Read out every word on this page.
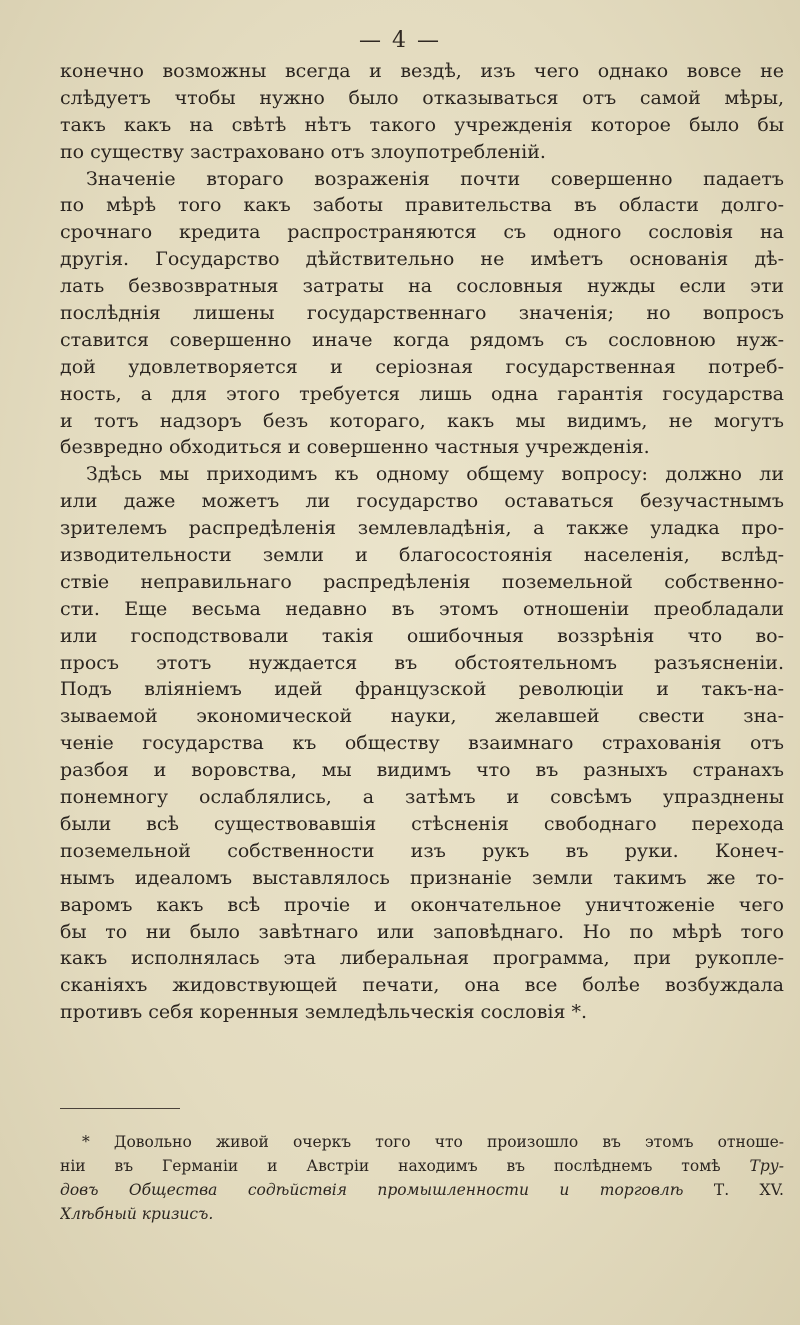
— 4 —
конечно возможны всегда и вездѣ, изъ чего однако вовсе не
слѣдуетъ чтобы нужно было отказываться отъ самой мѣры,
такъ какъ на свѣтѣ нѣтъ такого учрежденія которое было бы
по существу застраховано отъ злоупотребленій.
Значеніе втораго возраженія почти совершенно падаетъ
по мѣрѣ того какъ заботы правительства въ области долго-
срочнаго кредита распространяются съ одного сословія на
другія. Государство дѣйствительно не имѣетъ основанія дѣ-
лать безвозвратныя затраты на сословныя нужды если эти
послѣднія лишены государственнаго значенія; но вопросъ
ставится совершенно иначе когда рядомъ съ сословною нуж-
дой удовлетворяется и серіозная государственная потреб-
ность, а для этого требуется лишь одна гарантія государства
и тотъ надзоръ безъ котораго, какъ мы видимъ, не могутъ
безвредно обходиться и совершенно частныя учрежденія.
Здѣсь мы приходимъ къ одному общему вопросу: должно ли
или даже можетъ ли государство оставаться безучастнымъ
зрителемъ распредѣленія землевладѣнія, а также уладка про-
изводительности земли и благосостоянія населенія, вслѣд-
ствіе неправильнаго распредѣленія поземельной собственно-
сти. Еще весьма недавно въ этомъ отношеніи преобладали
или господствовали такія ошибочныя воззрѣнія что во-
просъ этотъ нуждается въ обстоятельномъ разъясненіи.
Подъ вліяніемъ идей французской революціи и такъ-на-
зываемой экономической науки, желавшей свести зна-
ченіе государства къ обществу взаимнаго страхованія отъ
разбоя и воровства, мы видимъ что въ разныхъ странахъ
понемногу ослаблялись, а затѣмъ и совсѣмъ упразднены
были всѣ существовавшія стѣсненія свободнаго перехода
поземельной собственности изъ рукъ въ руки. Конеч-
нымъ идеаломъ выставлялось признаніе земли такимъ же то-
варомъ какъ всѣ прочіе и окончательное уничтоженіе чего
бы то ни было завѣтнаго или заповѣднаго. Но по мѣрѣ того
какъ исполнялась эта либеральная программа, при рукопле-
сканіяхъ жидовствующей печати, она все болѣе возбуждала
противъ себя коренныя земледѣльческія сословія *.
* Довольно живой очеркъ того что произошло въ этомъ отноше-
ніи въ Германіи и Австріи находимъ въ послѣднемъ томѣ Тру-
довъ Общества содѣйствія промышленности и торговлѣ Т. XV.
Хлѣбный кризисъ.
